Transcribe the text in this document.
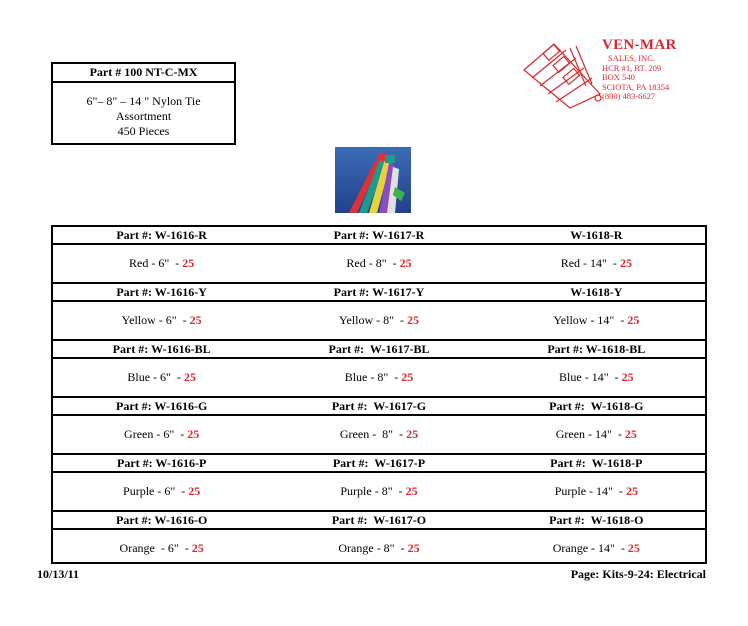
Part # 100 NT-C-MX
6"– 8" – 14 " Nylon Tie
Assortment
450 Pieces
VEN-MAR
SALES, INC.
HCR #1, RT. 209
BOX 540
SCIOTA, PA 18354
(800) 483-6627
Part #: W-1616-R	Part #: W-1617-R	W-1618-R
Red - 6"  - 25	Red - 8"  - 25	Red - 14"  - 25
Part #: W-1616-Y	Part #: W-1617-Y	W-1618-Y
Yellow - 6"  - 25	Yellow - 8"  - 25	Yellow - 14"  - 25
Part #: W-1616-BL	Part #:  W-1617-BL	Part #: W-1618-BL
Blue - 6"  - 25	Blue - 8"  - 25	Blue - 14"  - 25
Part #: W-1616-G	Part #:  W-1617-G	Part #:  W-1618-G
Green - 6"  - 25	Green -  8"  - 25	Green - 14"  - 25
Part #: W-1616-P	Part #:  W-1617-P	Part #:  W-1618-P
Purple - 6"  - 25	Purple - 8"  - 25	Purple - 14"  - 25
Part #: W-1616-O	Part #:  W-1617-O	Part #:  W-1618-O
Orange  - 6"  - 25	Orange - 8"  - 25	Orange - 14"  - 25
10/13/11	Page: Kits-9-24: Electrical
